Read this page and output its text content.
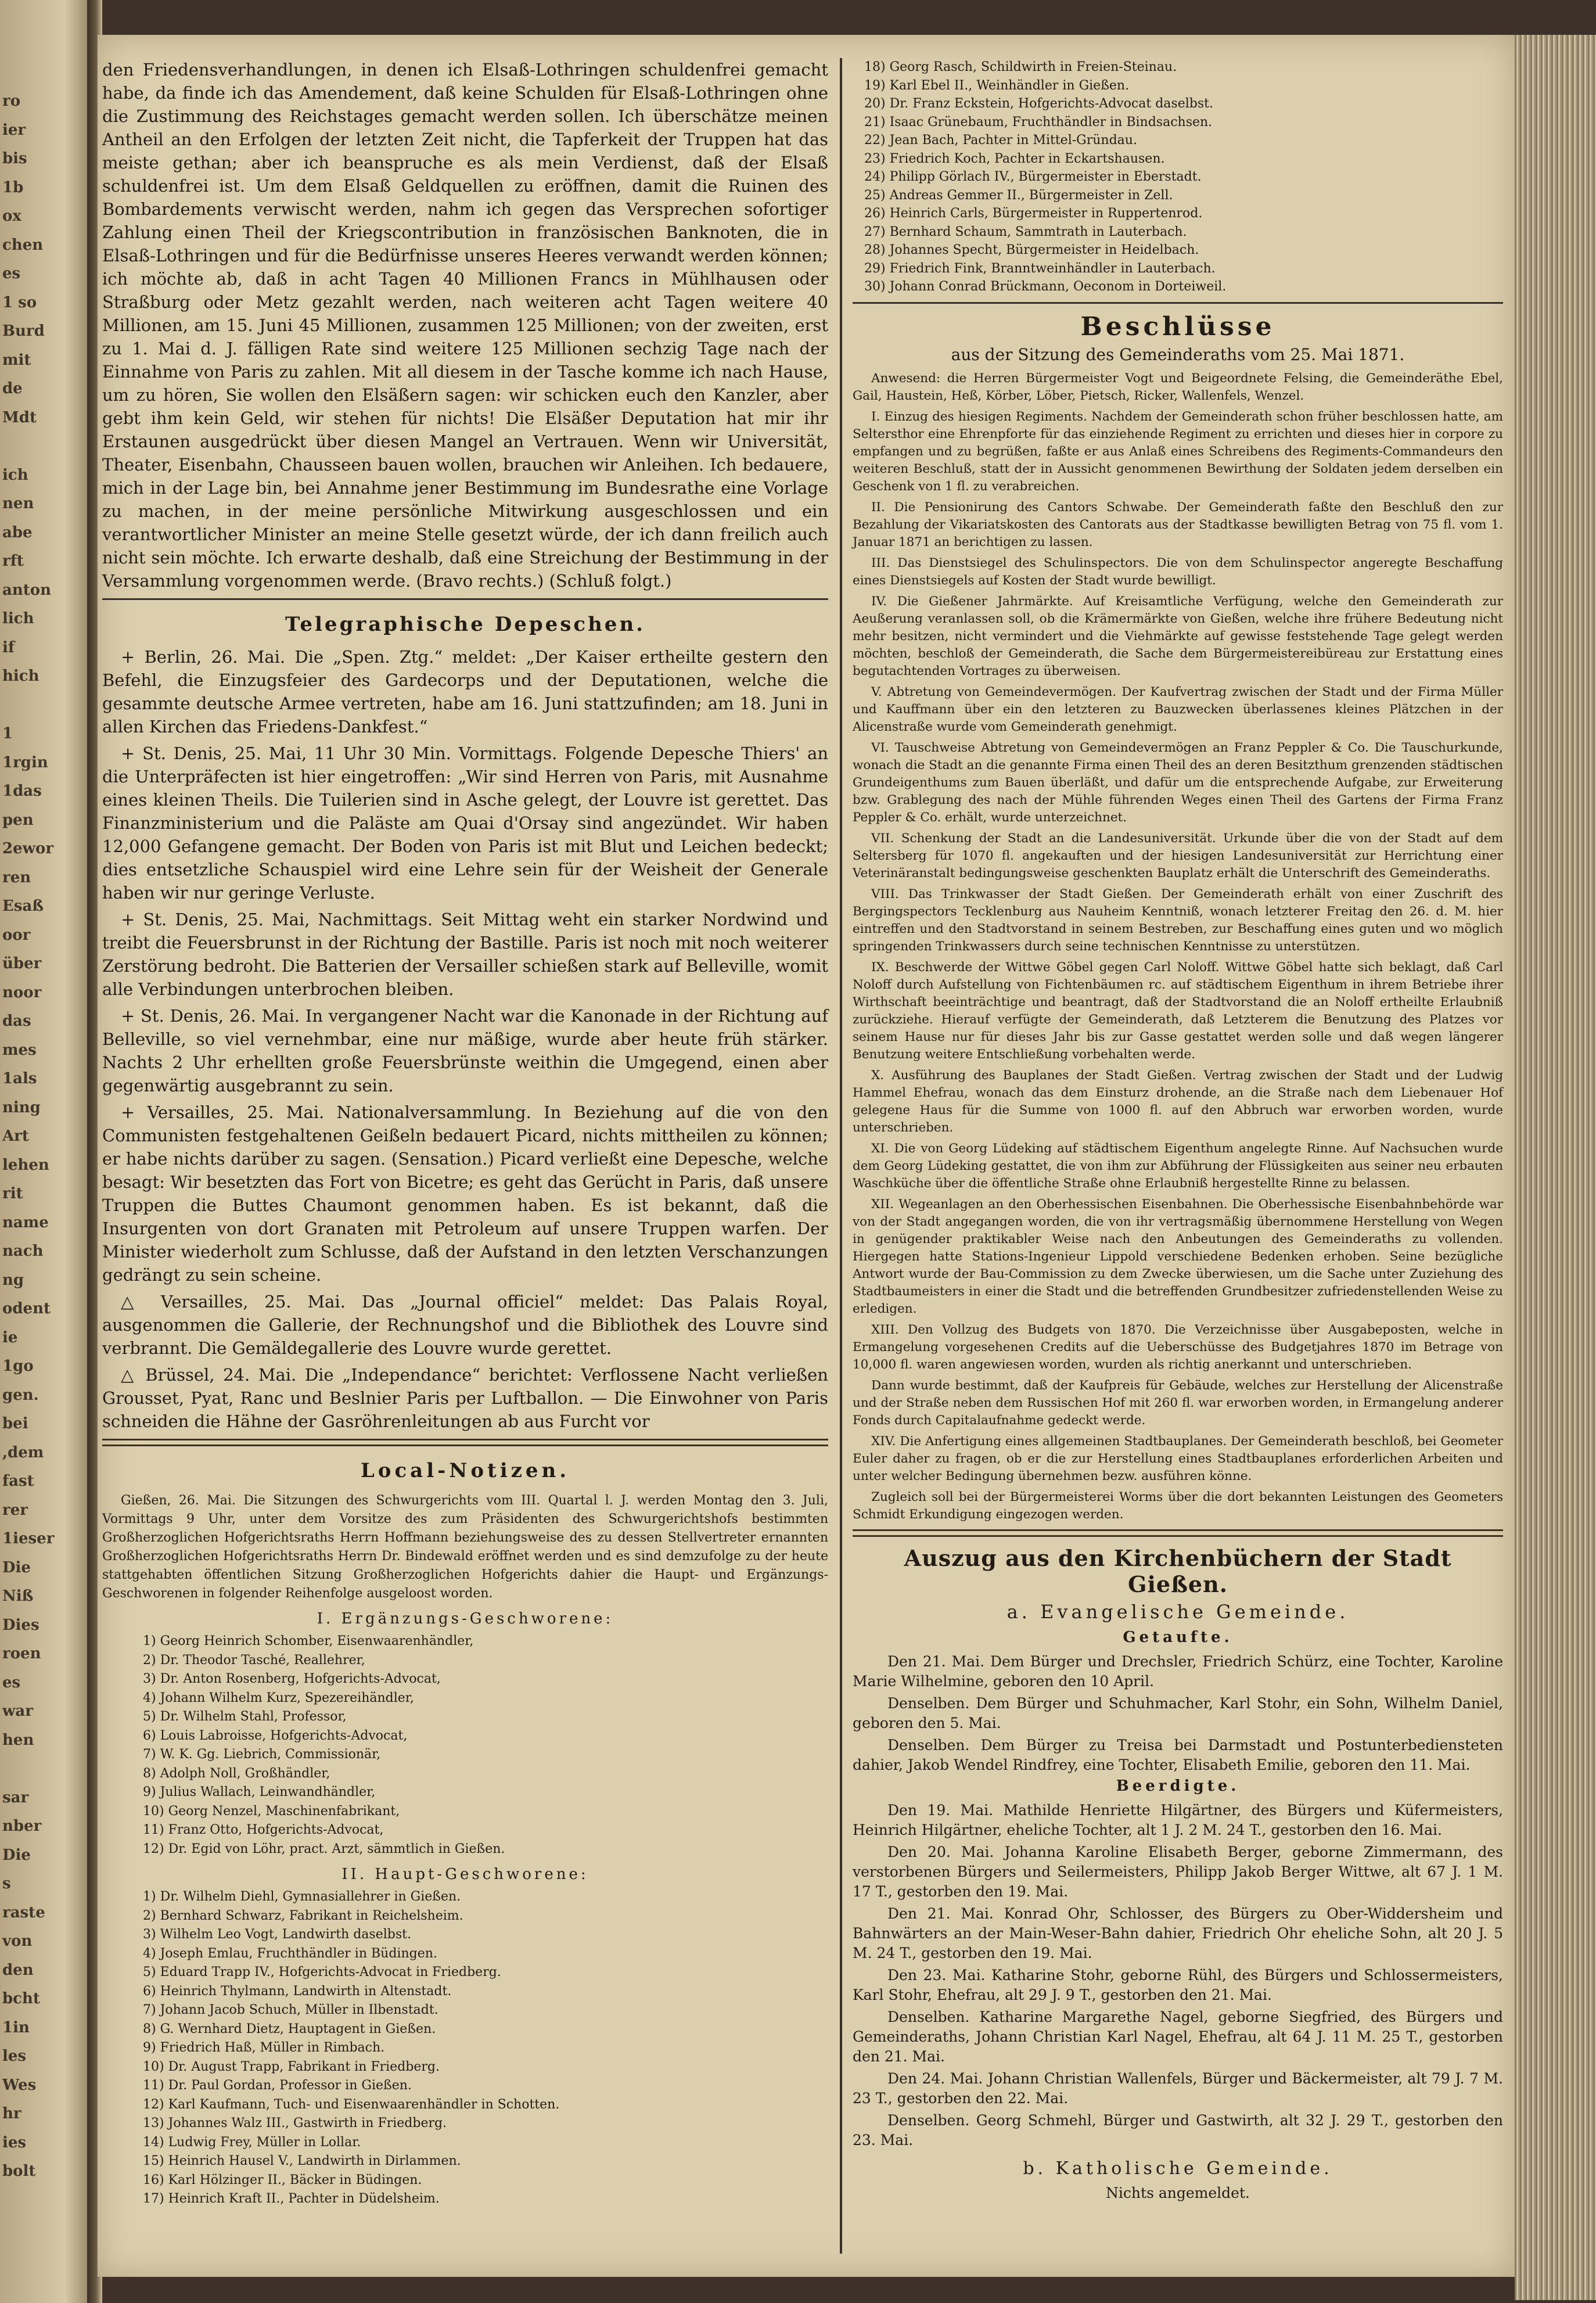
ro
ier
bis
1b
ox
chen
es
1 so
Burd
mit
de
Mdt

ich
nen
abe
rft
anton
lich
if
hich

1
1rgin
1das
pen
2ewor
ren
Esaß
oor
über
noor
das
mes
1als
ning
Art
lehen
rit
name
nach
ng
odent
ie
1go
gen.
bei
,dem
fast
rer
1ieser
Die
Niß
Dies
roen
es
war
hen

sar
nber
Die
s
raste
von
den
bcht
1in
les
Wes
hr
ies
bolt

den Friedensverhandlungen, in denen ich Elsaß-Lothringen schuldenfrei gemacht habe, da finde ich das Amendement, daß keine Schulden für Elsaß-Lothringen ohne die Zustimmung des Reichstages gemacht werden sollen. Ich überschätze meinen Antheil an den Erfolgen der letzten Zeit nicht, die Tapferkeit der Truppen hat das meiste gethan; aber ich beanspruche es als mein Verdienst, daß der Elsaß schuldenfrei ist. Um dem Elsaß Geldquellen zu eröffnen, damit die Ruinen des Bombardements verwischt werden, nahm ich gegen das Versprechen sofortiger Zahlung einen Theil der Kriegscontribution in französischen Banknoten, die in Elsaß-Lothringen und für die Bedürfnisse unseres Heeres verwandt werden können; ich möchte ab, daß in acht Tagen 40 Millionen Francs in Mühlhausen oder Straßburg oder Metz gezahlt werden, nach weiteren acht Tagen weitere 40 Millionen, am 15. Juni 45 Millionen, zusammen 125 Millionen; von der zweiten, erst zu 1. Mai d. J. fälligen Rate sind weitere 125 Millionen sechzig Tage nach der Einnahme von Paris zu zahlen. Mit all diesem in der Tasche komme ich nach Hause, um zu hören, Sie wollen den Elsäßern sagen: wir schicken euch den Kanzler, aber gebt ihm kein Geld, wir stehen für nichts! Die Elsäßer Deputation hat mir ihr Erstaunen ausgedrückt über diesen Mangel an Vertrauen. Wenn wir Universität, Theater, Eisenbahn, Chausseen bauen wollen, brauchen wir Anleihen. Ich bedauere, mich in der Lage bin, bei Annahme jener Bestimmung im Bundesrathe eine Vorlage zu machen, in der meine persönliche Mitwirkung ausgeschlossen und ein verantwortlicher Minister an meine Stelle gesetzt würde, der ich dann freilich auch nicht sein möchte. Ich erwarte deshalb, daß eine Streichung der Bestimmung in der Versammlung vorgenommen werde. (Bravo rechts.) (Schluß folgt.)

Telegraphische Depeschen.

+ Berlin, 26. Mai. Die „Spen. Ztg.“ meldet: „Der Kaiser ertheilte gestern den Befehl, die Einzugsfeier des Gardecorps und der Deputationen, welche die gesammte deutsche Armee vertreten, habe am 16. Juni stattzufinden; am 18. Juni in allen Kirchen das Friedens-Dankfest.“

+ St. Denis, 25. Mai, 11 Uhr 30 Min. Vormittags. Folgende Depesche Thiers' an die Unterpräfecten ist hier eingetroffen: „Wir sind Herren von Paris, mit Ausnahme eines kleinen Theils. Die Tuilerien sind in Asche gelegt, der Louvre ist gerettet. Das Finanzministerium und die Paläste am Quai d'Orsay sind angezündet. Wir haben 12,000 Gefangene gemacht. Der Boden von Paris ist mit Blut und Leichen bedeckt; dies entsetzliche Schauspiel wird eine Lehre sein für der Weisheit der Generale haben wir nur geringe Verluste.

+ St. Denis, 25. Mai, Nachmittags. Seit Mittag weht ein starker Nordwind und treibt die Feuersbrunst in der Richtung der Bastille. Paris ist noch mit noch weiterer Zerstörung bedroht. Die Batterien der Versailler schießen stark auf Belleville, womit alle Verbindungen unterbrochen bleiben.

+ St. Denis, 26. Mai. In vergangener Nacht war die Kanonade in der Richtung auf Belleville, so viel vernehmbar, eine nur mäßige, wurde aber heute früh stärker. Nachts 2 Uhr erhellten große Feuersbrünste weithin die Umgegend, einen aber gegenwärtig ausgebrannt zu sein.

+ Versailles, 25. Mai. Nationalversammlung. In Beziehung auf die von den Communisten festgehaltenen Geißeln bedauert Picard, nichts mittheilen zu können; er habe nichts darüber zu sagen. (Sensation.) Picard verließt eine Depesche, welche besagt: Wir besetzten das Fort von Bicetre; es geht das Gerücht in Paris, daß unsere Truppen die Buttes Chaumont genommen haben. Es ist bekannt, daß die Insurgenten von dort Granaten mit Petroleum auf unsere Truppen warfen. Der Minister wiederholt zum Schlusse, daß der Aufstand in den letzten Verschanzungen gedrängt zu sein scheine.

△ Versailles, 25. Mai. Das „Journal officiel“ meldet: Das Palais Royal, ausgenommen die Gallerie, der Rechnungshof und die Bibliothek des Louvre sind verbrannt. Die Gemäldegallerie des Louvre wurde gerettet.

△ Brüssel, 24. Mai. Die „Independance“ berichtet: Verflossene Nacht verließen Grousset, Pyat, Ranc und Beslnier Paris per Luftballon. — Die Einwohner von Paris schneiden die Hähne der Gasröhrenleitungen ab aus Furcht vor

Local-Notizen.

Gießen, 26. Mai. Die Sitzungen des Schwurgerichts vom III. Quartal l. J. werden Montag den 3. Juli, Vormittags 9 Uhr, unter dem Vorsitze des zum Präsidenten des Schwurgerichtshofs bestimmten Großherzoglichen Hofgerichtsraths Herrn Hoffmann beziehungsweise des zu dessen Stellvertreter ernannten Großherzoglichen Hofgerichtsraths Herrn Dr. Bindewald eröffnet werden und es sind demzufolge zu der heute stattgehabten öffentlichen Sitzung Großherzoglichen Hofgerichts dahier die Haupt- und Ergänzungs-Geschworenen in folgender Reihenfolge ausgeloost worden.

I. Ergänzungs-Geschworene:
1) Georg Heinrich Schomber, Eisenwaarenhändler,
2) Dr. Theodor Tasché, Reallehrer,
3) Dr. Anton Rosenberg, Hofgerichts-Advocat,
4) Johann Wilhelm Kurz, Spezereihändler,
5) Dr. Wilhelm Stahl, Professor,
6) Louis Labroisse, Hofgerichts-Advocat,
7) W. K. Gg. Liebrich, Commissionär,
8) Adolph Noll, Großhändler,
9) Julius Wallach, Leinwandhändler,
10) Georg Nenzel, Maschinenfabrikant,
11) Franz Otto, Hofgerichts-Advocat,
12) Dr. Egid von Löhr, pract. Arzt, sämmtlich in Gießen.
II. Haupt-Geschworene:
1) Dr. Wilhelm Diehl, Gymnasiallehrer in Gießen.
2) Bernhard Schwarz, Fabrikant in Reichelsheim.
3) Wilhelm Leo Vogt, Landwirth daselbst.
4) Joseph Emlau, Fruchthändler in Büdingen.
5) Eduard Trapp IV., Hofgerichts-Advocat in Friedberg.
6) Heinrich Thylmann, Landwirth in Altenstadt.
7) Johann Jacob Schuch, Müller in Ilbenstadt.
8) G. Wernhard Dietz, Hauptagent in Gießen.
9) Friedrich Haß, Müller in Rimbach.
10) Dr. August Trapp, Fabrikant in Friedberg.
11) Dr. Paul Gordan, Professor in Gießen.
12) Karl Kaufmann, Tuch- und Eisenwaarenhändler in Schotten.
13) Johannes Walz III., Gastwirth in Friedberg.
14) Ludwig Frey, Müller in Lollar.
15) Heinrich Hausel V., Landwirth in Dirlammen.
16) Karl Hölzinger II., Bäcker in Büdingen.
17) Heinrich Kraft II., Pachter in Düdelsheim.
18) Georg Rasch, Schildwirth in Freien-Steinau.
19) Karl Ebel II., Weinhändler in Gießen.
20) Dr. Franz Eckstein, Hofgerichts-Advocat daselbst.
21) Isaac Grünebaum, Fruchthändler in Bindsachsen.
22) Jean Bach, Pachter in Mittel-Gründau.
23) Friedrich Koch, Pachter in Eckartshausen.
24) Philipp Görlach IV., Bürgermeister in Eberstadt.
25) Andreas Gemmer II., Bürgermeister in Zell.
26) Heinrich Carls, Bürgermeister in Ruppertenrod.
27) Bernhard Schaum, Sammtrath in Lauterbach.
28) Johannes Specht, Bürgermeister in Heidelbach.
29) Friedrich Fink, Branntweinhändler in Lauterbach.
30) Johann Conrad Brückmann, Oeconom in Dorteiweil.
Beschlüsse
aus der Sitzung des Gemeinderaths vom 25. Mai 1871.

Anwesend: die Herren Bürgermeister Vogt und Beigeordnete Felsing, die Gemeinderäthe Ebel, Gail, Haustein, Heß, Körber, Löber, Pietsch, Ricker, Wallenfels, Wenzel.

I. Einzug des hiesigen Regiments. Nachdem der Gemeinderath schon früher beschlossen hatte, am Seltersthor eine Ehrenpforte für das einziehende Regiment zu errichten und dieses hier in corpore zu empfangen und zu begrüßen, faßte er aus Anlaß eines Schreibens des Regiments-Commandeurs den weiteren Beschluß, statt der in Aussicht genommenen Bewirthung der Soldaten jedem derselben ein Geschenk von 1 fl. zu verabreichen.

II. Die Pensionirung des Cantors Schwabe. Der Gemeinderath faßte den Beschluß den zur Bezahlung der Vikariatskosten des Cantorats aus der Stadtkasse bewilligten Betrag von 75 fl. vom 1. Januar 1871 an berichtigen zu lassen.

III. Das Dienstsiegel des Schulinspectors. Die von dem Schulinspector angeregte Beschaffung eines Dienstsiegels auf Kosten der Stadt wurde bewilligt.

IV. Die Gießener Jahrmärkte. Auf Kreisamtliche Verfügung, welche den Gemeinderath zur Aeußerung veranlassen soll, ob die Krämermärkte von Gießen, welche ihre frühere Bedeutung nicht mehr besitzen, nicht vermindert und die Viehmärkte auf gewisse feststehende Tage gelegt werden möchten, beschloß der Gemeinderath, die Sache dem Bürgermeistereibüreau zur Erstattung eines begutachtenden Vortrages zu überweisen.

V. Abtretung von Gemeindevermögen. Der Kaufvertrag zwischen der Stadt und der Firma Müller und Kauffmann über ein den letzteren zu Bauzwecken überlassenes kleines Plätzchen in der Alicenstraße wurde vom Gemeinderath genehmigt.

VI. Tauschweise Abtretung von Gemeindevermögen an Franz Peppler & Co. Die Tauschurkunde, wonach die Stadt an die genannte Firma einen Theil des an deren Besitzthum grenzenden städtischen Grundeigenthums zum Bauen überläßt, und dafür um die entsprechende Aufgabe, zur Erweiterung bzw. Grablegung des nach der Mühle führenden Weges einen Theil des Gartens der Firma Franz Peppler & Co. erhält, wurde unterzeichnet.

VII. Schenkung der Stadt an die Landesuniversität. Urkunde über die von der Stadt auf dem Seltersberg für 1070 fl. angekauften und der hiesigen Landesuniversität zur Herrichtung einer Veterinäranstalt bedingungsweise geschenkten Bauplatz erhält die Unterschrift des Gemeinderaths.

VIII. Das Trinkwasser der Stadt Gießen. Der Gemeinderath erhält von einer Zuschrift des Bergingspectors Tecklenburg aus Nauheim Kenntniß, wonach letzterer Freitag den 26. d. M. hier eintreffen und den Stadtvorstand in seinem Bestreben, zur Beschaffung eines guten und wo möglich springenden Trinkwassers durch seine technischen Kenntnisse zu unterstützen.

IX. Beschwerde der Wittwe Göbel gegen Carl Noloff. Wittwe Göbel hatte sich beklagt, daß Carl Noloff durch Aufstellung von Fichtenbäumen rc. auf städtischem Eigenthum in ihrem Betriebe ihrer Wirthschaft beeinträchtige und beantragt, daß der Stadtvorstand die an Noloff ertheilte Erlaubniß zurückziehe. Hierauf verfügte der Gemeinderath, daß Letzterem die Benutzung des Platzes vor seinem Hause nur für dieses Jahr bis zur Gasse gestattet werden solle und daß wegen längerer Benutzung weitere Entschließung vorbehalten werde.

X. Ausführung des Bauplanes der Stadt Gießen. Vertrag zwischen der Stadt und der Ludwig Hammel Ehefrau, wonach das dem Einsturz drohende, an die Straße nach dem Liebenauer Hof gelegene Haus für die Summe von 1000 fl. auf den Abbruch war erworben worden, wurde unterschrieben.

XI. Die von Georg Lüdeking auf städtischem Eigenthum angelegte Rinne. Auf Nachsuchen wurde dem Georg Lüdeking gestattet, die von ihm zur Abführung der Flüssigkeiten aus seiner neu erbauten Waschküche über die öffentliche Straße ohne Erlaubniß hergestellte Rinne zu belassen.

XII. Wegeanlagen an den Oberhessischen Eisenbahnen. Die Oberhessische Eisenbahnbehörde war von der Stadt angegangen worden, die von ihr vertragsmäßig übernommene Herstellung von Wegen in genügender praktikabler Weise nach den Anbeutungen des Gemeinderaths zu vollenden. Hiergegen hatte Stations-Ingenieur Lippold verschiedene Bedenken erhoben. Seine bezügliche Antwort wurde der Bau-Commission zu dem Zwecke überwiesen, um die Sache unter Zuziehung des Stadtbaumeisters in einer die Stadt und die betreffenden Grundbesitzer zufriedenstellenden Weise zu erledigen.

XIII. Den Vollzug des Budgets von 1870. Die Verzeichnisse über Ausgabeposten, welche in Ermangelung vorgesehenen Credits auf die Ueberschüsse des Budgetjahres 1870 im Betrage von 10,000 fl. waren angewiesen worden, wurden als richtig anerkannt und unterschrieben.

Dann wurde bestimmt, daß der Kaufpreis für Gebäude, welches zur Herstellung der Alicenstraße und der Straße neben dem Russischen Hof mit 260 fl. war erworben worden, in Ermangelung anderer Fonds durch Capitalaufnahme gedeckt werde.

XIV. Die Anfertigung eines allgemeinen Stadtbauplanes. Der Gemeinderath beschloß, bei Geometer Euler daher zu fragen, ob er die zur Herstellung eines Stadtbauplanes erforderlichen Arbeiten und unter welcher Bedingung übernehmen bezw. ausführen könne.

Zugleich soll bei der Bürgermeisterei Worms über die dort bekannten Leistungen des Geometers Schmidt Erkundigung eingezogen werden.

Auszug aus den Kirchenbüchern der Stadt Gießen.
a. Evangelische Gemeinde.
Getaufte.

Den 21. Mai. Dem Bürger und Drechsler, Friedrich Schürz, eine Tochter, Karoline Marie Wilhelmine, geboren den 10 April.

Denselben. Dem Bürger und Schuhmacher, Karl Stohr, ein Sohn, Wilhelm Daniel, geboren den 5. Mai.

Denselben. Dem Bürger zu Treisa bei Darmstadt und Postunterbediensteten dahier, Jakob Wendel Rindfrey, eine Tochter, Elisabeth Emilie, geboren den 11. Mai.

Beerdigte.

Den 19. Mai. Mathilde Henriette Hilgärtner, des Bürgers und Küfermeisters, Heinrich Hilgärtner, eheliche Tochter, alt 1 J. 2 M. 24 T., gestorben den 16. Mai.

Den 20. Mai. Johanna Karoline Elisabeth Berger, geborne Zimmermann, des verstorbenen Bürgers und Seilermeisters, Philipp Jakob Berger Wittwe, alt 67 J. 1 M. 17 T., gestorben den 19. Mai.

Den 21. Mai. Konrad Ohr, Schlosser, des Bürgers zu Ober-Widdersheim und Bahnwärters an der Main-Weser-Bahn dahier, Friedrich Ohr eheliche Sohn, alt 20 J. 5 M. 24 T., gestorben den 19. Mai.

Den 23. Mai. Katharine Stohr, geborne Rühl, des Bürgers und Schlossermeisters, Karl Stohr, Ehefrau, alt 29 J. 9 T., gestorben den 21. Mai.

Denselben. Katharine Margarethe Nagel, geborne Siegfried, des Bürgers und Gemeinderaths, Johann Christian Karl Nagel, Ehefrau, alt 64 J. 11 M. 25 T., gestorben den 21. Mai.

Den 24. Mai. Johann Christian Wallenfels, Bürger und Bäckermeister, alt 79 J. 7 M. 23 T., gestorben den 22. Mai.

Denselben. Georg Schmehl, Bürger und Gastwirth, alt 32 J. 29 T., gestorben den 23. Mai.

b. Katholische Gemeinde.
Nichts angemeldet.
